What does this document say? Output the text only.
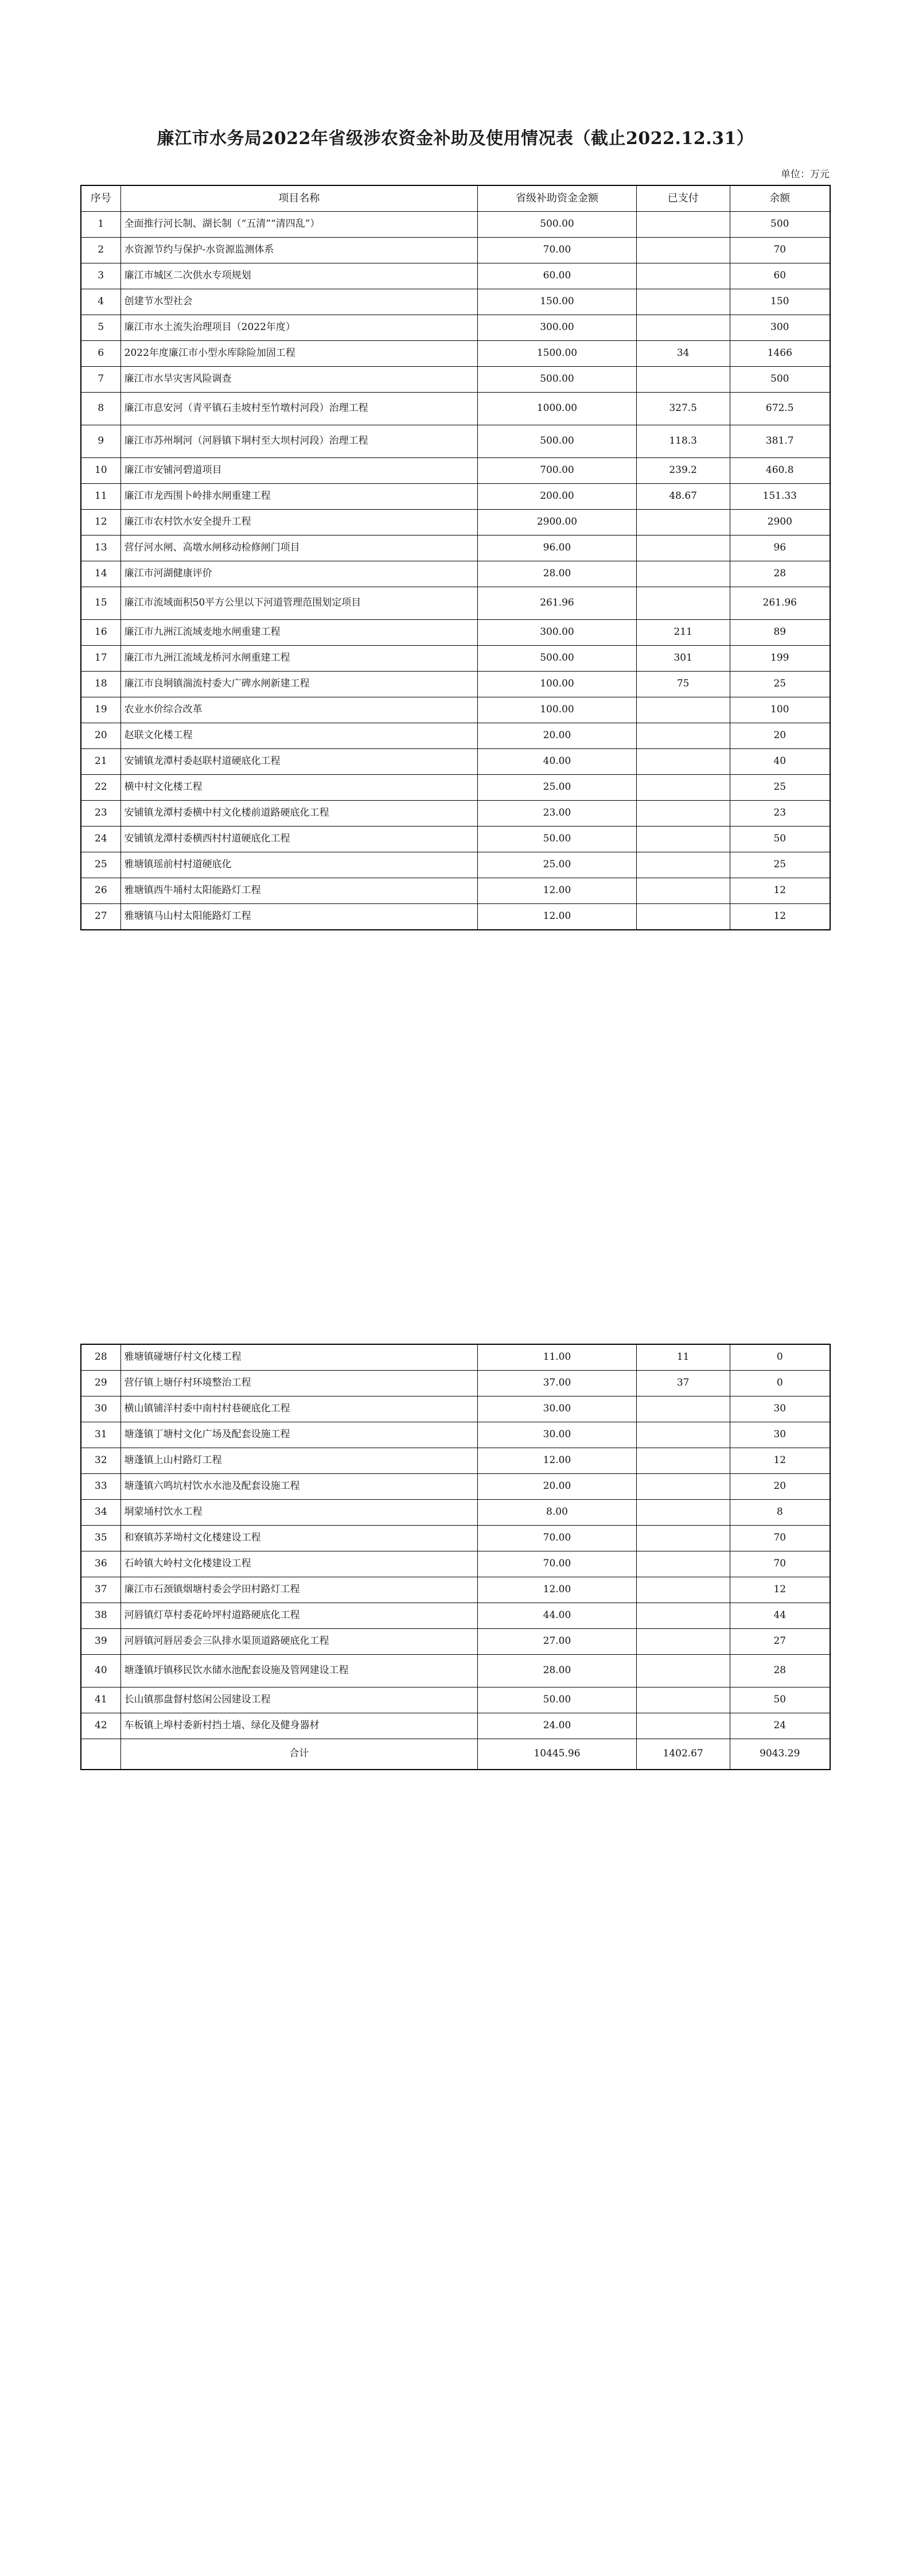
廉江市水务局2022年省级涉农资金补助及使用情况表（截止2022.12.31）
单位：万元
序号	项目名称	省级补助资金金额	已支付	余额
1	全面推行河长制、湖长制（“五清”“清四乱”）	500.00		500
2	水资源节约与保护-水资源监测体系	70.00		70
3	廉江市城区二次供水专项规划	60.00		60
4	创建节水型社会	150.00		150
5	廉江市水土流失治理项目（2022年度）	300.00		300
6	2022年度廉江市小型水库除险加固工程	1500.00	34	1466
7	廉江市水旱灾害风险调查	500.00		500
8	廉江市息安河（青平镇石圭坡村至竹墩村河段）治理工程	1000.00	327.5	672.5
9	廉江市苏州垌河（河唇镇下垌村至大坝村河段）治理工程	500.00	118.3	381.7
10	廉江市安铺河碧道项目	700.00	239.2	460.8
11	廉江市龙西围卜岭排水闸重建工程	200.00	48.67	151.33
12	廉江市农村饮水安全提升工程	2900.00		2900
13	营仔河水闸、高墩水闸移动检修闸门项目	96.00		96
14	廉江市河湖健康评价	28.00		28
15	廉江市流域面积50平方公里以下河道管理范围划定项目	261.96		261.96
16	廉江市九洲江流域麦地水闸重建工程	300.00	211	89
17	廉江市九洲江流域龙桥河水闸重建工程	500.00	301	199
18	廉江市良垌镇湍流村委大广碑水闸新建工程	100.00	75	25
19	农业水价综合改革	100.00		100
20	赵联文化楼工程	20.00		20
21	安铺镇龙潭村委赵联村道硬底化工程	40.00		40
22	横中村文化楼工程	25.00		25
23	安铺镇龙潭村委横中村文化楼前道路硬底化工程	23.00		23
24	安铺镇龙潭村委横西村村道硬底化工程	50.00		50
25	雅塘镇瑶前村村道硬底化	25.00		25
26	雅塘镇西牛埇村太阳能路灯工程	12.00		12
27	雅塘镇马山村太阳能路灯工程	12.00		12
28	雅塘镇碰塘仔村文化楼工程	11.00	11	0
29	营仔镇上塘仔村环境整治工程	37.00	37	0
30	横山镇铺洋村委中南村村巷硬底化工程	30.00		30
31	塘蓬镇丁塘村文化广场及配套设施工程	30.00		30
32	塘蓬镇上山村路灯工程	12.00		12
33	塘蓬镇六鸣坑村饮水水池及配套设施工程	20.00		20
34	垌蒙埇村饮水工程	8.00		8
35	和寮镇苏茅坳村文化楼建设工程	70.00		70
36	石岭镇大岭村文化楼建设工程	70.00		70
37	廉江市石颈镇烟塘村委会学田村路灯工程	12.00		12
38	河唇镇灯草村委花岭坪村道路硬底化工程	44.00		44
39	河唇镇河唇居委会三队排水渠顶道路硬底化工程	27.00		27
40	塘蓬镇圩镇移民饮水储水池配套设施及管网建设工程	28.00		28
41	长山镇那盘督村悠闲公园建设工程	50.00		50
42	车板镇上埠村委新村挡土墙、绿化及健身器材	24.00		24
	合计	10445.96	1402.67	9043.29
